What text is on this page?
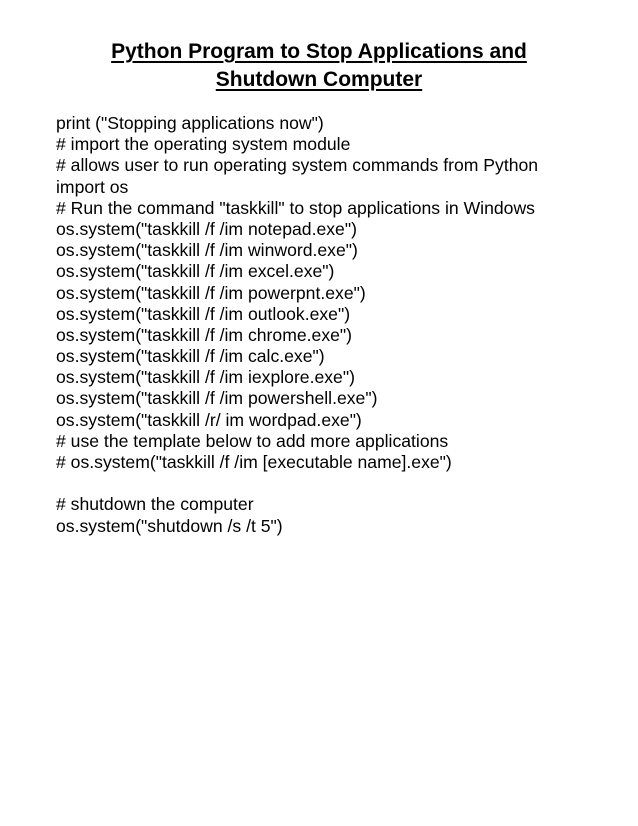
Python Program to Stop Applications and
Shutdown Computer
print ("Stopping applications now")
# import the operating system module
# allows user to run operating system commands from Python
import os
# Run the command "taskkill" to stop applications in Windows
os.system("taskkill /f /im notepad.exe")
os.system("taskkill /f /im winword.exe")
os.system("taskkill /f /im excel.exe")
os.system("taskkill /f /im powerpnt.exe")
os.system("taskkill /f /im outlook.exe")
os.system("taskkill /f /im chrome.exe")
os.system("taskkill /f /im calc.exe")
os.system("taskkill /f /im iexplore.exe")
os.system("taskkill /f /im powershell.exe")
os.system("taskkill /r/ im wordpad.exe")
# use the template below to add more applications
# os.system("taskkill /f /im [executable name].exe")
# shutdown the computer
os.system("shutdown /s /t 5")
